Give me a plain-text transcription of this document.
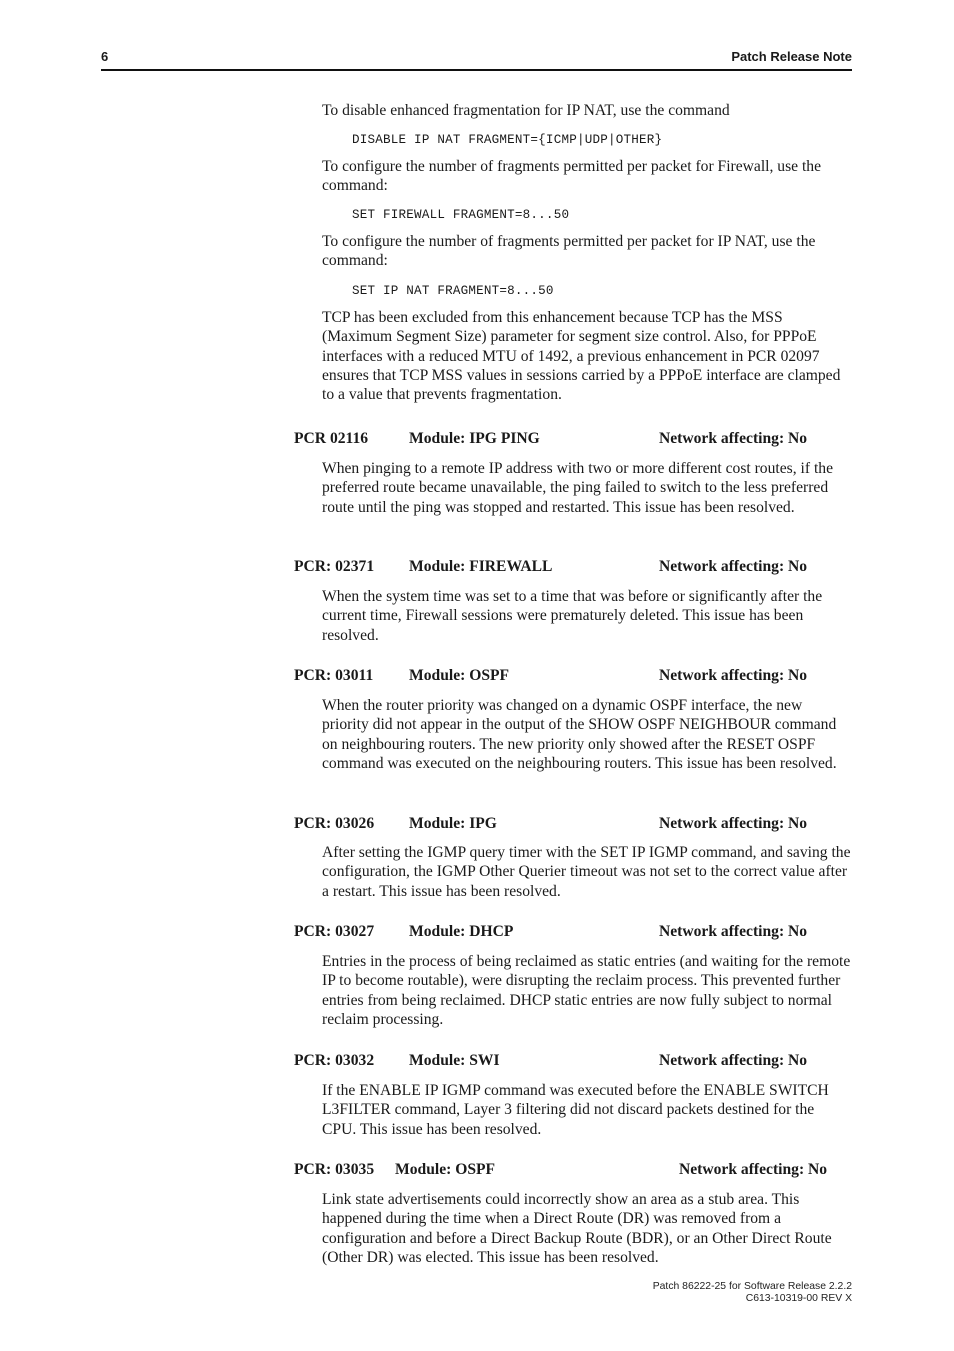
6	Patch Release Note

To disable enhanced fragmentation for IP NAT, use the command

DISABLE IP NAT FRAGMENT={ICMP|UDP|OTHER}

To configure the number of fragments permitted per packet for Firewall, use the command:

SET FIREWALL FRAGMENT=8...50

To configure the number of fragments permitted per packet for IP NAT, use the command:

SET IP NAT FRAGMENT=8...50

TCP has been excluded from this enhancement because TCP has the MSS (Maximum Segment Size) parameter for segment size control. Also, for PPPoE interfaces with a reduced MTU of 1492, a previous enhancement in PCR 02097 ensures that TCP MSS values in sessions carried by a PPPoE interface are clamped to a value that prevents fragmentation.

PCR 02116	Module: IPG PING	Network affecting: No

When pinging to a remote IP address with two or more different cost routes, if the preferred route became unavailable, the ping failed to switch to the less preferred route until the ping was stopped and restarted. This issue has been resolved.

PCR: 02371 Module: FIREWALL	Network affecting: No

When the system time was set to a time that was before or significantly after the current time, Firewall sessions were prematurely deleted. This issue has been resolved.

PCR: 03011 Module: OSPF	Network affecting: No

When the router priority was changed on a dynamic OSPF interface, the new priority did not appear in the output of the SHOW OSPF NEIGHBOUR command on neighbouring routers. The new priority only showed after the RESET OSPF command was executed on the neighbouring routers. This issue has been resolved.

PCR: 03026 Module: IPG	Network affecting: No

After setting the IGMP query timer with the SET IP IGMP command, and saving the configuration, the IGMP Other Querier timeout was not set to the correct value after a restart. This issue has been resolved.

PCR: 03027 Module: DHCP	Network affecting: No

Entries in the process of being reclaimed as static entries (and waiting for the remote IP to become routable), were disrupting the reclaim process. This prevented further entries from being reclaimed. DHCP static entries are now fully subject to normal reclaim processing.

PCR: 03032 Module: SWI	Network affecting: No

If the ENABLE IP IGMP command was executed before the ENABLE SWITCH L3FILTER command, Layer 3 filtering did not discard packets destined for the CPU. This issue has been resolved.

PCR: 03035 Module: OSPF	Network affecting: No

Link state advertisements could incorrectly show an area as a stub area. This happened during the time when a Direct Route (DR) was removed from a configuration and before a Direct Backup Route (BDR), or an Other Direct Route (Other DR) was elected. This issue has been resolved.

Patch 86222-25 for Software Release 2.2.2
C613-10319-00 REV X
